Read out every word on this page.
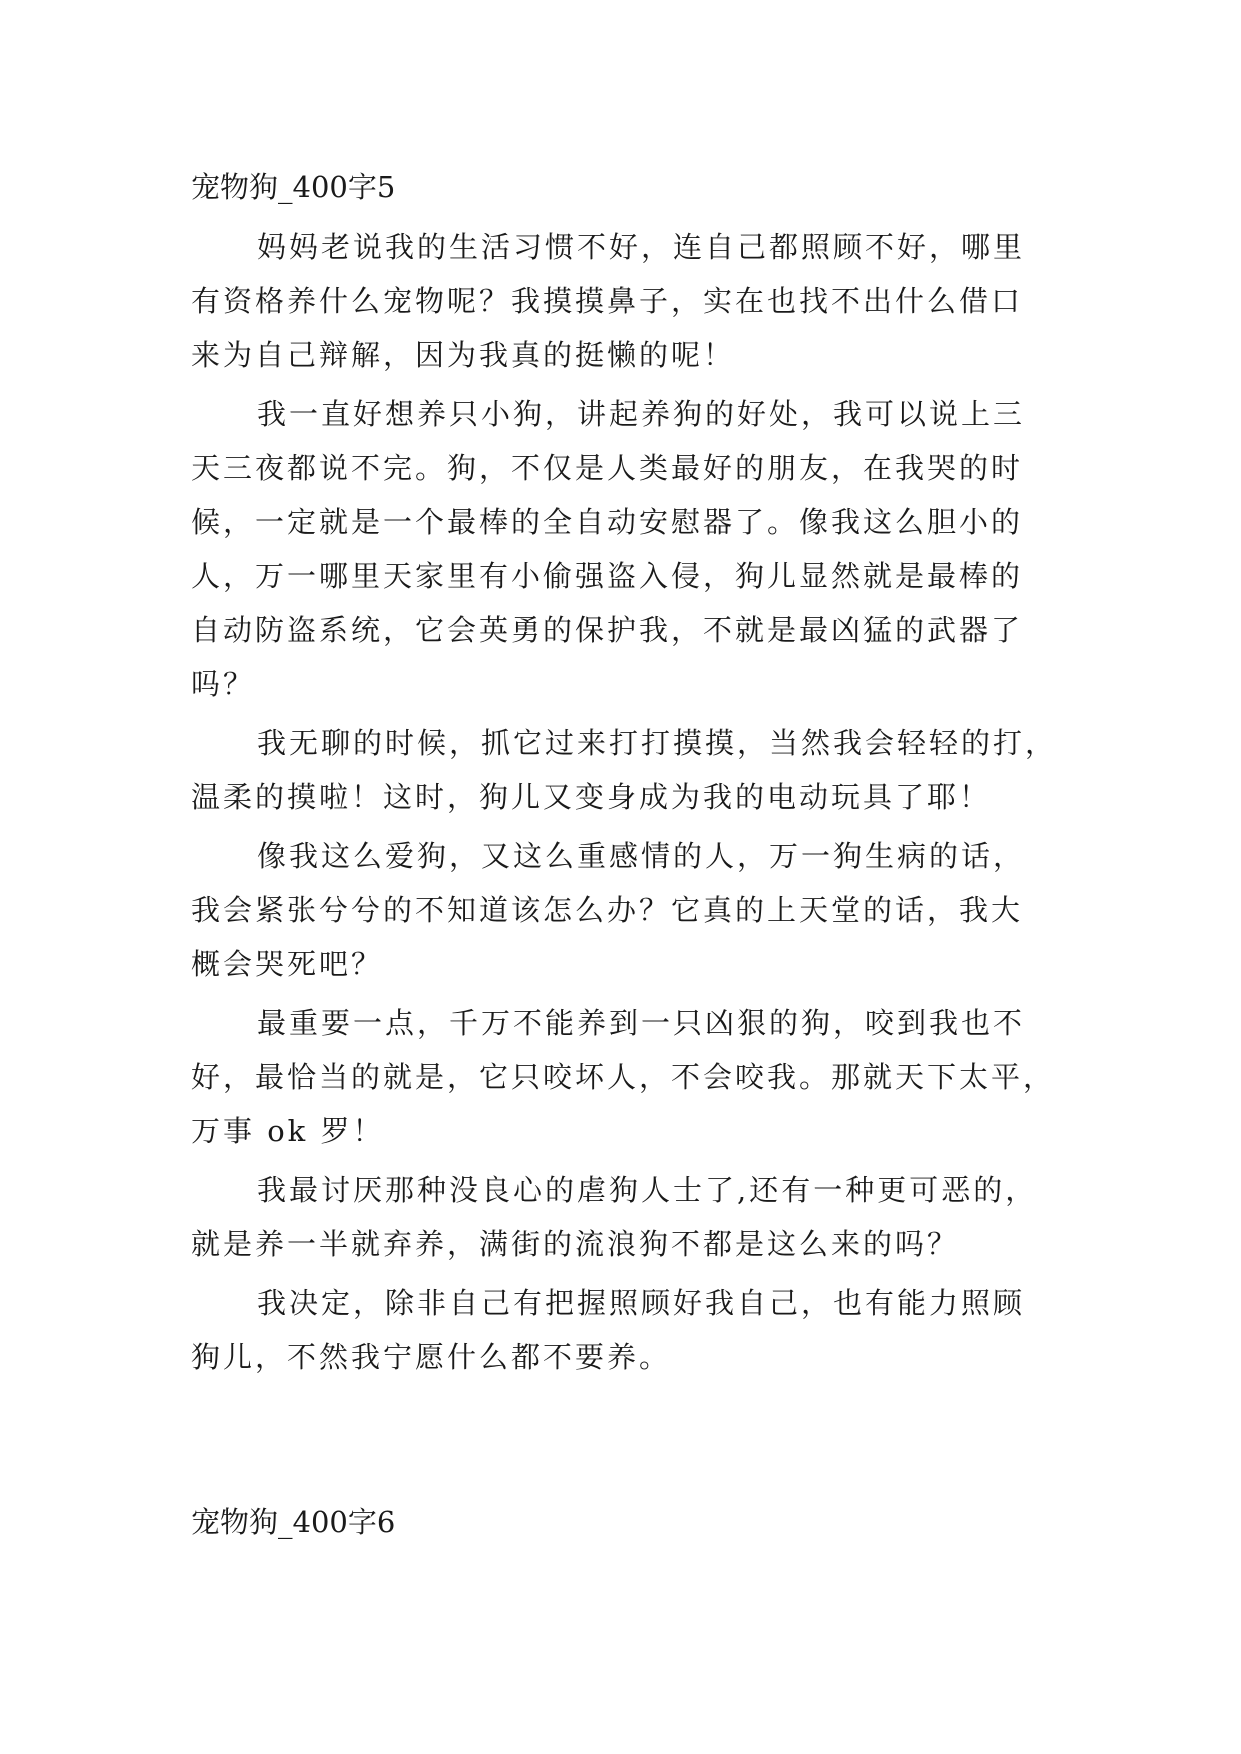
宠物狗_400字5
妈妈老说我的生活习惯不好，连自己都照顾不好，哪里
有资格养什么宠物呢？我摸摸鼻子，实在也找不出什么借口
来为自己辩解，因为我真的挺懒的呢！
我一直好想养只小狗，讲起养狗的好处，我可以说上三
天三夜都说不完。狗，不仅是人类最好的朋友，在我哭的时
候，一定就是一个最棒的全自动安慰器了。像我这么胆小的
人，万一哪里天家里有小偷强盗入侵，狗儿显然就是最棒的
自动防盗系统，它会英勇的保护我，不就是最凶猛的武器了
吗？
我无聊的时候，抓它过来打打摸摸，当然我会轻轻的打，
温柔的摸啦！这时，狗儿又变身成为我的电动玩具了耶！
像我这么爱狗，又这么重感情的人，万一狗生病的话，
我会紧张兮兮的不知道该怎么办？它真的上天堂的话，我大
概会哭死吧？
最重要一点，千万不能养到一只凶狠的狗，咬到我也不
好，最恰当的就是，它只咬坏人，不会咬我。那就天下太平，
万事 ok 罗！
我最讨厌那种没良心的虐狗人士了,还有一种更可恶的，
就是养一半就弃养，满街的流浪狗不都是这么来的吗？
我决定，除非自己有把握照顾好我自己，也有能力照顾
狗儿，不然我宁愿什么都不要养。
宠物狗_400字6
